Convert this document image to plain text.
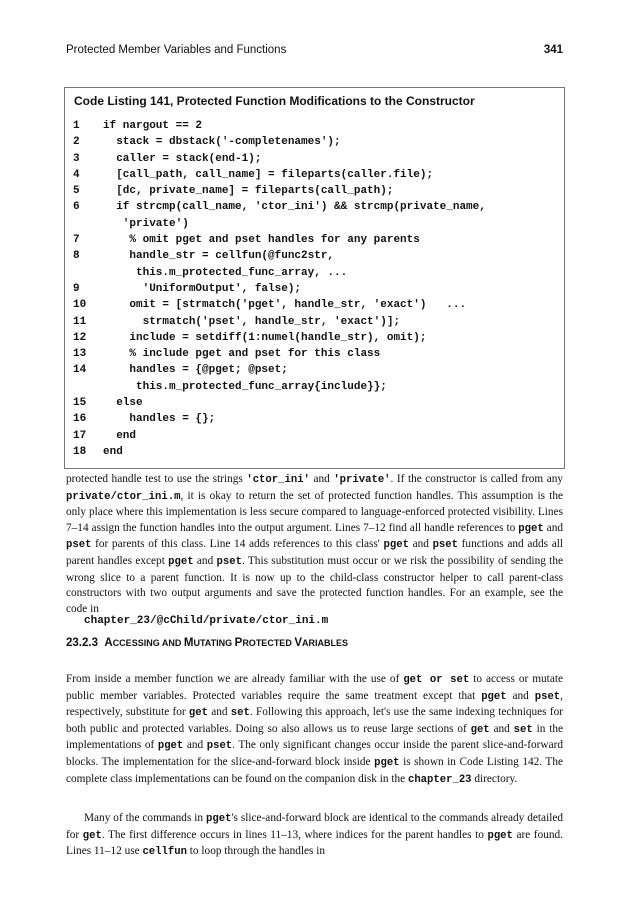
Protected Member Variables and Functions	341
Code Listing 141, Protected Function Modifications to the Constructor
1	if nargout == 2
2	stack = dbstack('-completenames');
3	caller = stack(end-1);
4	[call_path, call_name] = fileparts(caller.file);
5	[dc, private_name] = fileparts(call_path);
6	if strcmp(call_name, 'ctor_ini') && strcmp(private_name,
'private')
7	% omit pget and pset handles for any parents
8	handle_str = cellfun(@func2str,
this.m_protected_func_array, ...
9	'UniformOutput', false);
10	omit = [strmatch('pget', handle_str, 'exact')   ...
11	strmatch('pset', handle_str, 'exact')];
12	include = setdiff(1:numel(handle_str), omit);
13	% include pget and pset for this class
14	handles = {@pget; @pset;
this.m_protected_func_array{include}};
15	else
16	handles = {};
17	end
18	end
protected handle test to use the strings 'ctor_ini' and 'private'. If the constructor is called from any private/ctor_ini.m, it is okay to return the set of protected function handles. This assumption is the only place where this implementation is less secure compared to language-enforced protected visibility. Lines 7–14 assign the function handles into the output argument. Lines 7–12 find all handle references to pget and pset for parents of this class. Line 14 adds references to this class' pget and pset functions and adds all parent handles except pget and pset. This substitution must occur or we risk the possibility of sending the wrong slice to a parent function. It is now up to the child-class constructor helper to call parent-class constructors with two output arguments and save the protected function handles. For an example, see the code in
chapter_23/@cChild/private/ctor_ini.m
23.2.3 ACCESSING AND MUTATING PROTECTED VARIABLES
From inside a member function we are already familiar with the use of get or set to access or mutate public member variables. Protected variables require the same treatment except that pget and pset, respectively, substitute for get and set. Following this approach, let's use the same indexing techniques for both public and protected variables. Doing so also allows us to reuse large sections of get and set in the implementations of pget and pset. The only significant changes occur inside the parent slice-and-forward blocks. The implementation for the slice-and-forward block inside pget is shown in Code Listing 142. The complete class implementations can be found on the companion disk in the chapter_23 directory.
Many of the commands in pget's slice-and-forward block are identical to the commands already detailed for get. The first difference occurs in lines 11–13, where indices for the parent handles to pget are found. Lines 11–12 use cellfun to loop through the handles in
